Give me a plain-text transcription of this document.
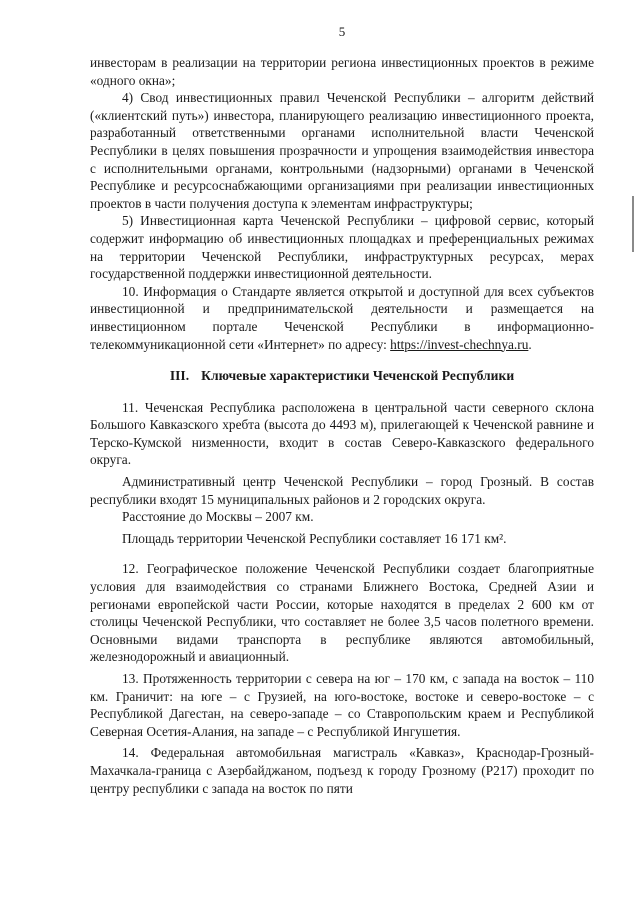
5

инвесторам в реализации на территории региона инвестиционных проектов в режиме «одного окна»;

4) Свод инвестиционных правил Чеченской Республики – алгоритм действий («клиентский путь») инвестора, планирующего реализацию инвестиционного проекта, разработанный ответственными органами исполнительной власти Чеченской Республики в целях повышения прозрачности и упрощения взаимодействия инвестора с исполнительными органами, контрольными (надзорными) органами в Чеченской Республике и ресурсоснабжающими организациями при реализации инвестиционных проектов в части получения доступа к элементам инфраструктуры;

5) Инвестиционная карта Чеченской Республики – цифровой сервис, который содержит информацию об инвестиционных площадках и преференциальных режимах на территории Чеченской Республики, инфраструктурных ресурсах, мерах государственной поддержки инвестиционной деятельности.

10. Информация о Стандарте является открытой и доступной для всех субъектов инвестиционной и предпринимательской деятельности и размещается на инвестиционном портале Чеченской Республики в информационно-телекоммуникационной сети «Интернет» по адресу: https://invest-chechnya.ru.

III. Ключевые характеристики Чеченской Республики

11. Чеченская Республика расположена в центральной части северного склона Большого Кавказского хребта (высота до 4493 м), прилегающей к Чеченской равнине и Терско-Кумской низменности, входит в состав Северо-Кавказского федерального округа.

Административный центр Чеченской Республики – город Грозный. В состав республики входят 15 муниципальных районов и 2 городских округа.

Расстояние до Москвы – 2007 км.

Площадь территории Чеченской Республики составляет 16 171 км².

12. Географическое положение Чеченской Республики создает благоприятные условия для взаимодействия со странами Ближнего Востока, Средней Азии и регионами европейской части России, которые находятся в пределах 2 600 км от столицы Чеченской Республики, что составляет не более 3,5 часов полетного времени. Основными видами транспорта в республике являются автомобильный, железнодорожный и авиационный.

13. Протяженность территории с севера на юг – 170 км, с запада на восток – 110 км. Граничит: на юге – с Грузией, на юго-востоке, востоке и северо-востоке – с Республикой Дагестан, на северо-западе – со Ставропольским краем и Республикой Северная Осетия-Алания, на западе – с Республикой Ингушетия.

14. Федеральная автомобильная магистраль «Кавказ», Краснодар-Грозный-Махачкала-граница с Азербайджаном, подъезд к городу Грозному (Р217) проходит по центру республики с запада на восток по пяти
